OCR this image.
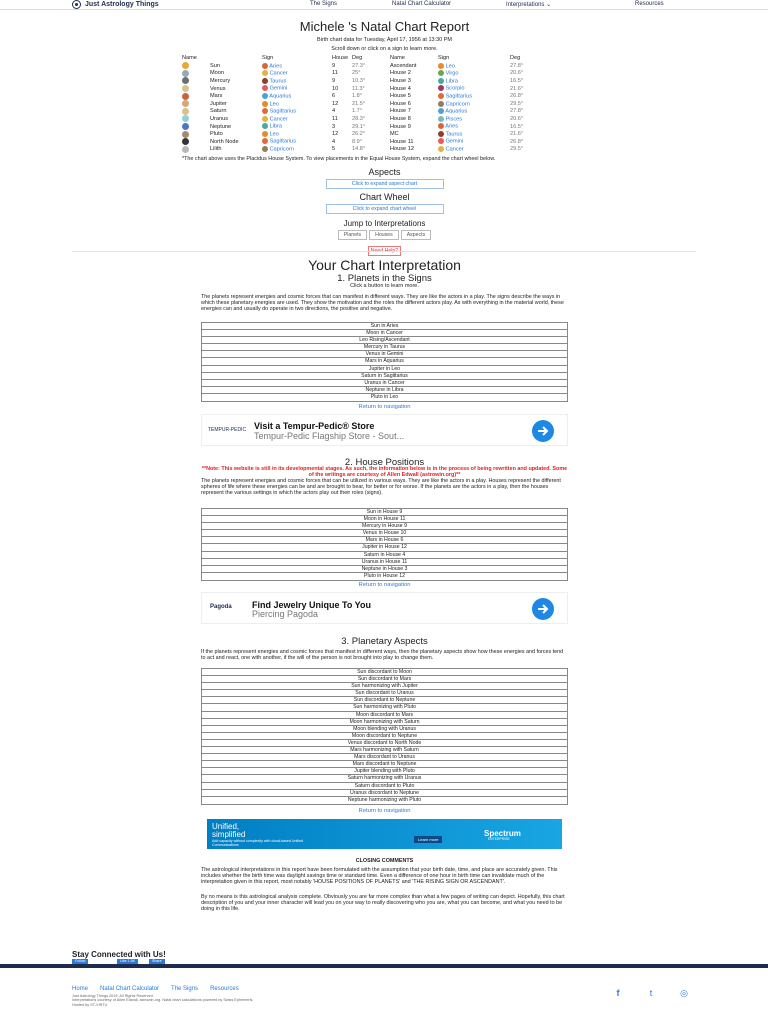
Just Astrology Things	The Signs	Natal Chart Calculator	Interpretations ⌄	Resources
Michele 's Natal Chart Report
Birth chart data for Tuesday, April 17, 1956 at 13:30 PM
Scroll down or click on a sign to learn more.
Name		Sign	House	Deg	Name	Sign	Deg
	Sun	Aries	9	27.3°	Ascendant	Leo	27.8°
	Moon	Cancer	11	25°	House 2	Virgo	20.6°
	Mercury	Taurus	9	10.3°	House 3	Libra	16.5°
	Venus	Gemini	10	11.3°	House 4	Scorpio	21.6°
	Mars	Aquarius	6	1.8°	House 5	Sagittarius	26.8°
	Jupiter	Leo	12	21.5°	House 6	Capricorn	29.5°
	Saturn	Sagittarius	4	1.7°	House 7	Aquarius	27.8°
	Uranus	Cancer	11	28.3°	House 8	Pisces	20.6°
	Neptune	Libra	3	29.1°	House 9	Aries	16.5°
	Pluto	Leo	12	26.2°	MC	Taurus	21.6°
	North Node	Sagittarius	4	8.9°	House 11	Gemini	26.8°
	Lilith	Capricorn	5	14.8°	House 12	Cancer	29.5°
*The chart above uses the Placidus House System. To view placements in the Equal House System, expand the chart wheel below.
Aspects
Click to expand aspect chart
Chart Wheel
Click to expand chart wheel
Jump to Interpretations
Planets	Houses	Aspects
Your Chart Interpretation
1. Planets in the Signs
Click a button to learn more.
The planets represent energies and cosmic forces that can manifest in different ways. They are like the actors in a play. The signs describe the ways in which these planetary energies are used. They show the motivation and the roles the different actors play. As with everything in the material world, these energies can and usually do operate in two directions, the positive and negative.
Sun in Aries
Moon in Cancer
Leo Rising/Ascendant
Mercury in Taurus
Venus in Gemini
Mars in Aquarius
Jupiter in Leo
Saturn in Sagittarius
Uranus in Cancer
Neptune in Libra
Pluto in Leo
Return to navigation
TEMPUR-PEDIC Visit a Tempur-Pedic® Store
Tempur-Pedic Flagship Store - Sout...
2. House Positions
**Note: This website is still in its developmental stages. As such, the information below is in the process of being rewritten and updated. Some of the writings are courtesy of Allen Edwall (astrowin.org)**
The planets represent energies and cosmic forces that can be utilized in various ways. They are like the actors in a play. Houses represent the different spheres of life where these energies can be and are brought to bear, for better or for worse. If the planets are the actors in a play, then the houses represent the various settings in which the actors play out their roles (signs).
Sun in House 9
Moon in House 11
Mercury in House 9
Venus in House 10
Mars in House 6
Jupiter in House 12
Saturn in House 4
Uranus in House 11
Neptune in House 3
Pluto in House 12
Return to navigation
Pagoda Find Jewelry Unique To You
Piercing Pagoda
3. Planetary Aspects
If the planets represent energies and cosmic forces that manifest in different ways, then the planetary aspects show how these energies and forces tend to act and react, one with another, if the will of the person is not brought into play to change them.
Sun discordant to Moon
Sun discordant to Mars
Sun harmonizing with Jupiter
Sun discordant to Uranus
Sun discordant to Neptune
Sun harmonizing with Pluto
Moon discordant to Mars
Moon harmonizing with Saturn
Moon blending with Uranus
Moon discordant to Neptune
Venus discordant to North Node
Mars harmonizing with Saturn
Mars discordant to Uranus
Mars discordant to Neptune
Jupiter blending with Pluto
Saturn harmonizing with Uranus
Saturn discordant to Pluto
Uranus discordant to Neptune
Neptune harmonizing with Pluto
Return to navigation
Unified,
simplified
Add capacity without complexity with cloud-based Unified Communications
Learn more
Spectrum
ENTERPRISE
CLOSING COMMENTS
The astrological interpretations in this report have been formulated with the assumption that your birth date, time, and place are accurately given. This includes whether the birth time was daylight savings time or standard time. Even a difference of one hour in birth time can invalidate much of the interpretation given in this report, most notably 'HOUSE POSITIONS OF PLANETS' and 'THE RISING SIGN OR ASCENDANT'.
By no means is this astrological analysis complete. Obviously you are far more complex than what a few pages of writing can depict. Hopefully, this chart description of you and your inner character will lead you on your way to really discovering who you are, what you can become, and what you need to be doing in this life.
Stay Connected with Us!
Follow	Like 1.5K	Share
Home Natal Chart Calculator The Signs Resources
Just Astrology Things 2019. All Rights Reserved.
Interpretations courtesy of Allen Edwall, astrowin.org. Natal chart calculations powered by Swiss Ephemeris.
Hosted by ST-VIRTU
f	t	◎
